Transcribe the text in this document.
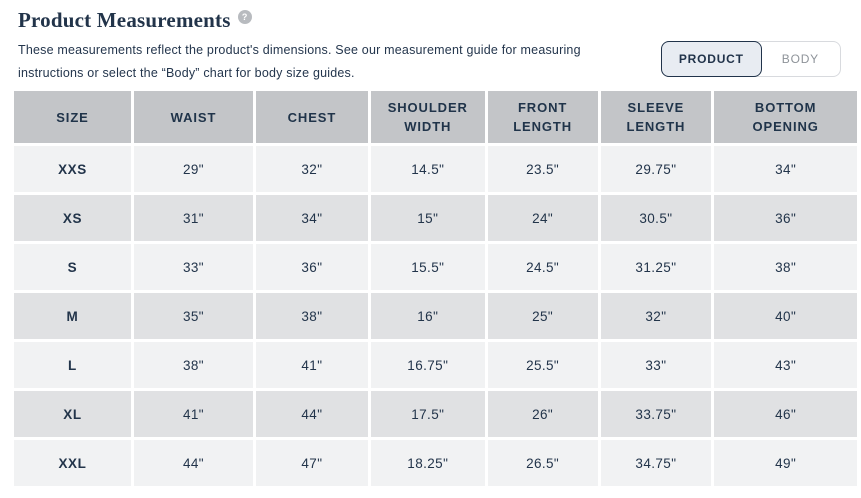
Product Measurements	?
These measurements reflect the product's dimensions. See our measurement guide for measuring
instructions or select the “Body” chart for body size guides.
PRODUCT	BODY
SIZE	WAIST	CHEST	SHOULDER WIDTH	FRONT LENGTH	SLEEVE LENGTH	BOTTOM OPENING
XXS	29"	32"	14.5"	23.5"	29.75"	34"
XS	31"	34"	15"	24"	30.5"	36"
S	33"	36"	15.5"	24.5"	31.25"	38"
M	35"	38"	16"	25"	32"	40"
L	38"	41"	16.75"	25.5"	33"	43"
XL	41"	44"	17.5"	26"	33.75"	46"
XXL	44"	47"	18.25"	26.5"	34.75"	49"
